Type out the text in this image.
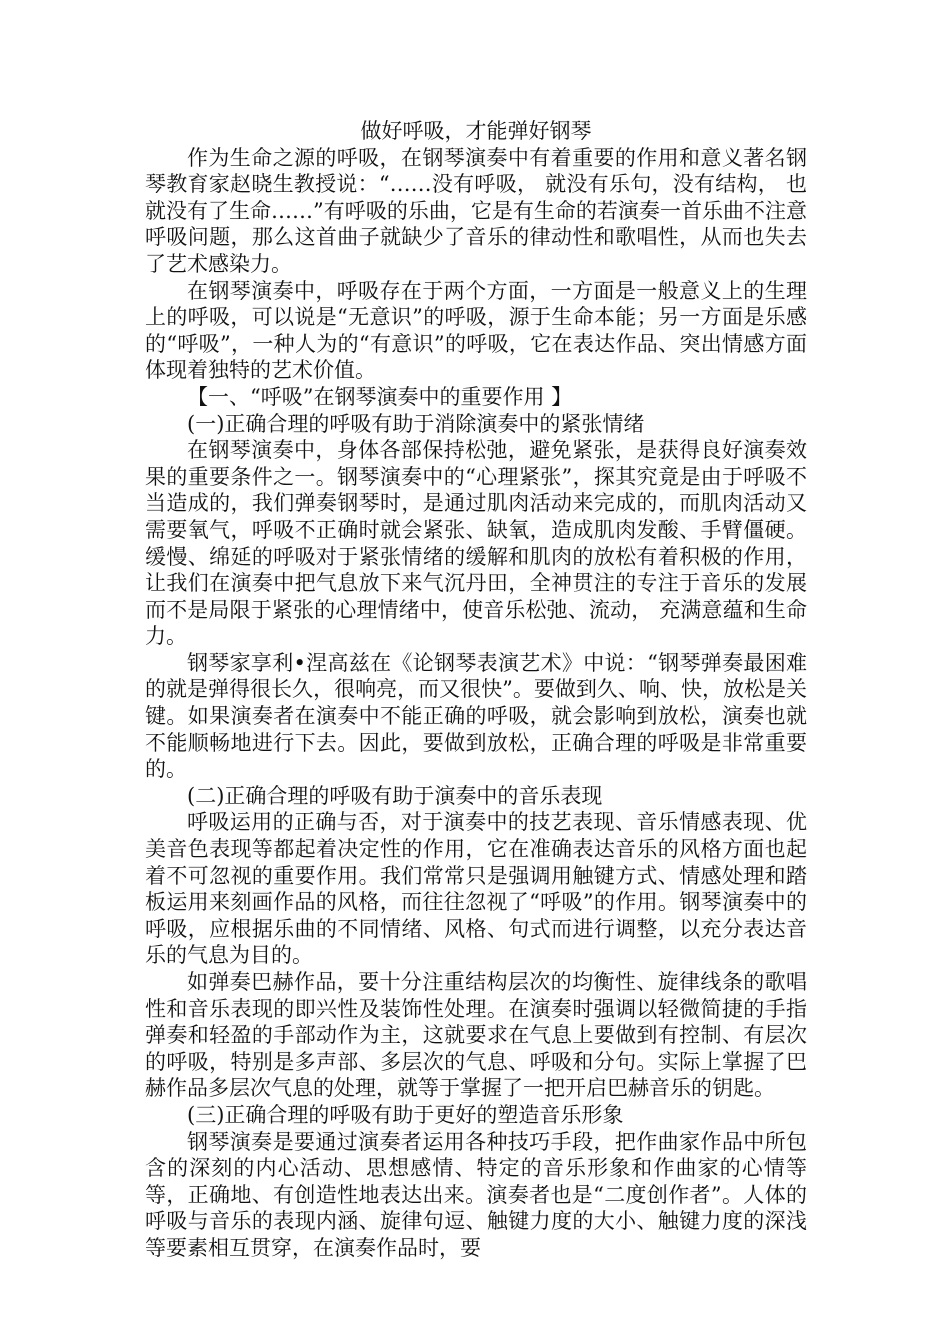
做好呼吸，才能弹好钢琴

作为生命之源的呼吸，在钢琴演奏中有着重要的作用和意义著名钢琴教育家赵晓生教授说：“……没有呼吸， 就没有乐句，没有结构， 也就没有了生命……”有呼吸的乐曲，它是有生命的若演奏一首乐曲不注意呼吸问题，那么这首曲子就缺少了音乐的律动性和歌唱性，从而也失去了艺术感染力。

在钢琴演奏中，呼吸存在于两个方面，一方面是一般意义上的生理上的呼吸，可以说是“无意识”的呼吸，源于生命本能；另一方面是乐感的“呼吸”，一种人为的“有意识”的呼吸，它在表达作品、突出情感方面体现着独特的艺术价值。

【一、“呼吸”在钢琴演奏中的重要作用 】

(一)正确合理的呼吸有助于消除演奏中的紧张情绪

在钢琴演奏中，身体各部保持松弛，避免紧张，是获得良好演奏效果的重要条件之一。钢琴演奏中的“心理紧张”，探其究竟是由于呼吸不当造成的，我们弹奏钢琴时，是通过肌肉活动来完成的，而肌肉活动又需要氧气，呼吸不正确时就会紧张、缺氧，造成肌肉发酸、手臂僵硬。缓慢、绵延的呼吸对于紧张情绪的缓解和肌肉的放松有着积极的作用，让我们在演奏中把气息放下来气沉丹田，全神贯注的专注于音乐的发展而不是局限于紧张的心理情绪中，使音乐松弛、流动， 充满意蕴和生命力。

钢琴家享利•涅高兹在《论钢琴表演艺术》中说：“钢琴弹奏最困难的就是弹得很长久，很响亮，而又很快”。要做到久、响、快，放松是关键。如果演奏者在演奏中不能正确的呼吸，就会影响到放松，演奏也就不能顺畅地进行下去。因此，要做到放松，正确合理的呼吸是非常重要的。

(二)正确合理的呼吸有助于演奏中的音乐表现

呼吸运用的正确与否，对于演奏中的技艺表现、音乐情感表现、优美音色表现等都起着决定性的作用，它在准确表达音乐的风格方面也起着不可忽视的重要作用。我们常常只是强调用触键方式、情感处理和踏板运用来刻画作品的风格，而往往忽视了“呼吸”的作用。钢琴演奏中的呼吸，应根据乐曲的不同情绪、风格、句式而进行调整，以充分表达音乐的气息为目的。

如弹奏巴赫作品，要十分注重结构层次的均衡性、旋律线条的歌唱性和音乐表现的即兴性及装饰性处理。在演奏时强调以轻微简捷的手指弹奏和轻盈的手部动作为主，这就要求在气息上要做到有控制、有层次的呼吸，特别是多声部、多层次的气息、呼吸和分句。实际上掌握了巴赫作品多层次气息的处理，就等于掌握了一把开启巴赫音乐的钥匙。

(三)正确合理的呼吸有助于更好的塑造音乐形象

钢琴演奏是要通过演奏者运用各种技巧手段，把作曲家作品中所包含的深刻的内心活动、思想感情、特定的音乐形象和作曲家的心情等等，正确地、有创造性地表达出来。演奏者也是“二度创作者”。人体的呼吸与音乐的表现内涵、旋律句逗、触键力度的大小、触键力度的深浅等要素相互贯穿，在演奏作品时，要
